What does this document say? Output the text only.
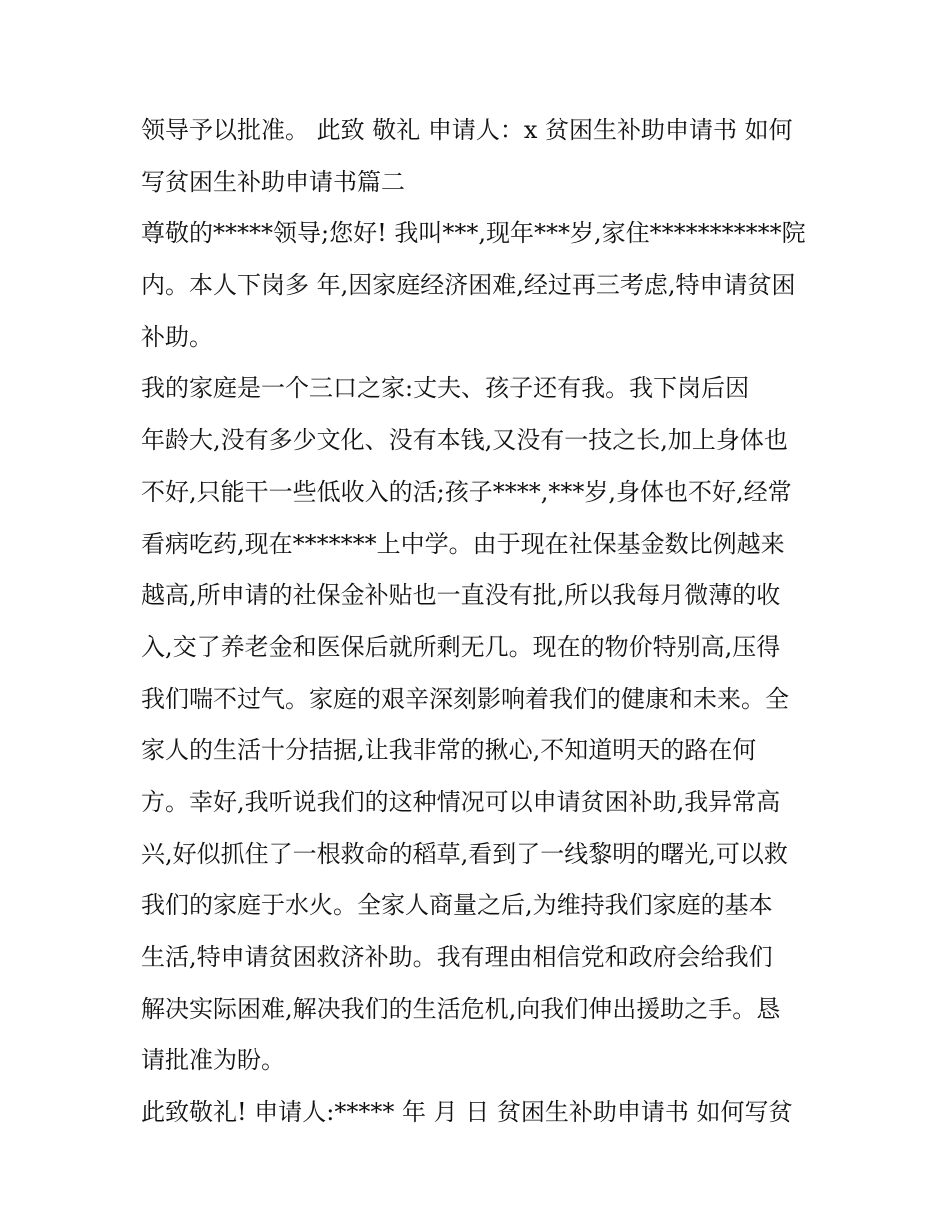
领导予以批准。 此致 敬礼 申请人：x 贫困生补助申请书 如何
写贫困生补助申请书篇二
尊敬的*****领导;您好! 我叫***,现年***岁,家住***********院
内。本人下岗多 年,因家庭经济困难,经过再三考虑,特申请贫困
补助。
我的家庭是一个三口之家:丈夫、孩子还有我。我下岗后因
年龄大,没有多少文化、没有本钱,又没有一技之长,加上身体也
不好,只能干一些低收入的活;孩子****,***岁,身体也不好,经常
看病吃药,现在*******上中学。由于现在社保基金数比例越来
越高,所申请的社保金补贴也一直没有批,所以我每月微薄的收
入,交了养老金和医保后就所剩无几。现在的物价特别高,压得
我们喘不过气。家庭的艰辛深刻影响着我们的健康和未来。全
家人的生活十分拮据,让我非常的揪心,不知道明天的路在何
方。幸好,我听说我们的这种情况可以申请贫困补助,我异常高
兴,好似抓住了一根救命的稻草,看到了一线黎明的曙光,可以救
我们的家庭于水火。全家人商量之后,为维持我们家庭的基本
生活,特申请贫困救济补助。我有理由相信党和政府会给我们
解决实际困难,解决我们的生活危机,向我们伸出援助之手。恳
请批准为盼。
此致敬礼! 申请人:***** 年 月 日 贫困生补助申请书 如何写贫
